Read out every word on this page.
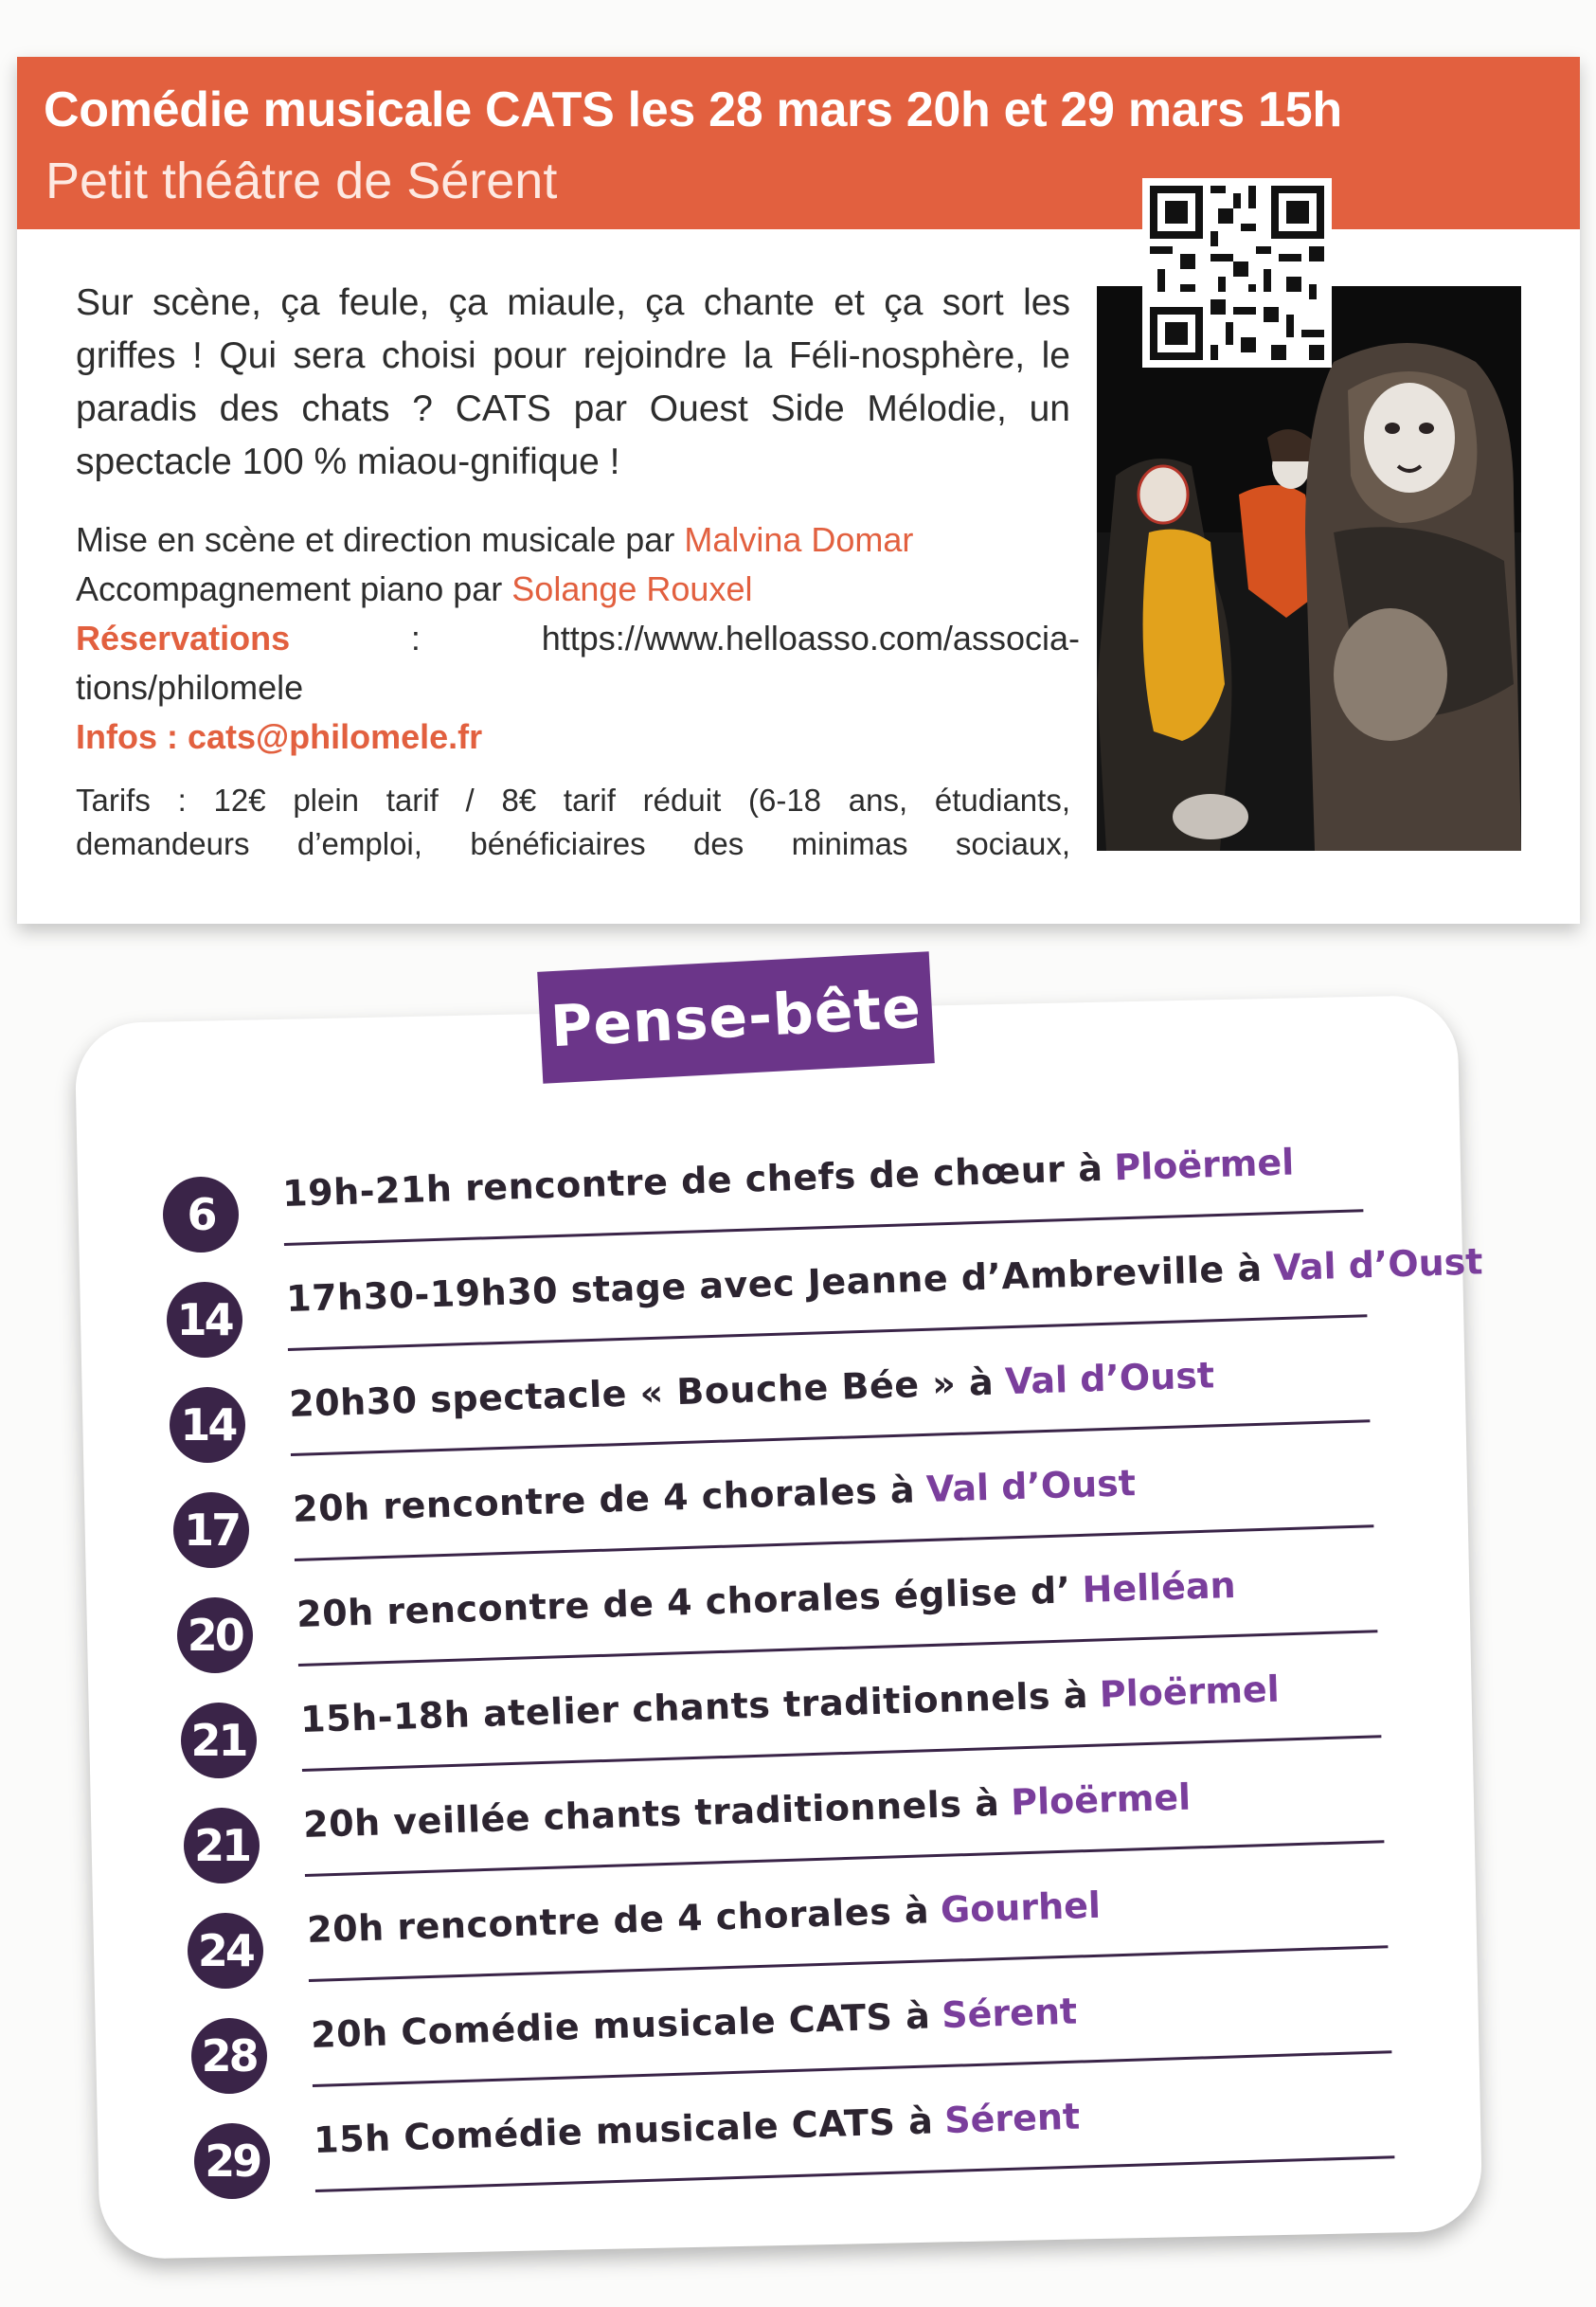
Comédie musicale CATS les 28 mars 20h et 29 mars 15h

Petit théâtre de Sérent

Sur scène, ça feule, ça miaule, ça chante et ça sort les griffes ! Qui sera choisi pour rejoindre la Féli-nosphère, le paradis des chats ? CATS par Ouest Side Mélodie, un spectacle 100 % miaou-gnifique !

Mise en scène et direction musicale par Malvina Domar

Accompagnement piano par Solange Rouxel

Réservations	:	https://www.helloasso.com/associa-

tions/philomele

Infos : cats@philomele.fr

Tarifs : 12€ plein tarif / 8€ tarif réduit (6-18 ans, étudiants,

demandeurs d’emploi, bénéficiaires des minimas sociaux,

Pense-bête
6	19h-21h rencontre de chefs de chœur à Ploërmel
14 17h30-19h30 stage avec Jeanne d’Ambreville à Val d’Oust
14 20h30 spectacle « Bouche Bée » à Val d’Oust
17 20h rencontre de 4 chorales à Val d’Oust
20 20h rencontre de 4 chorales église d’ Helléan
21 15h-18h atelier chants traditionnels à Ploërmel
21 20h veillée chants traditionnels à Ploërmel
24 20h rencontre de 4 chorales à Gourhel
28 20h Comédie musicale CATS à Sérent
29 15h Comédie musicale CATS à Sérent
